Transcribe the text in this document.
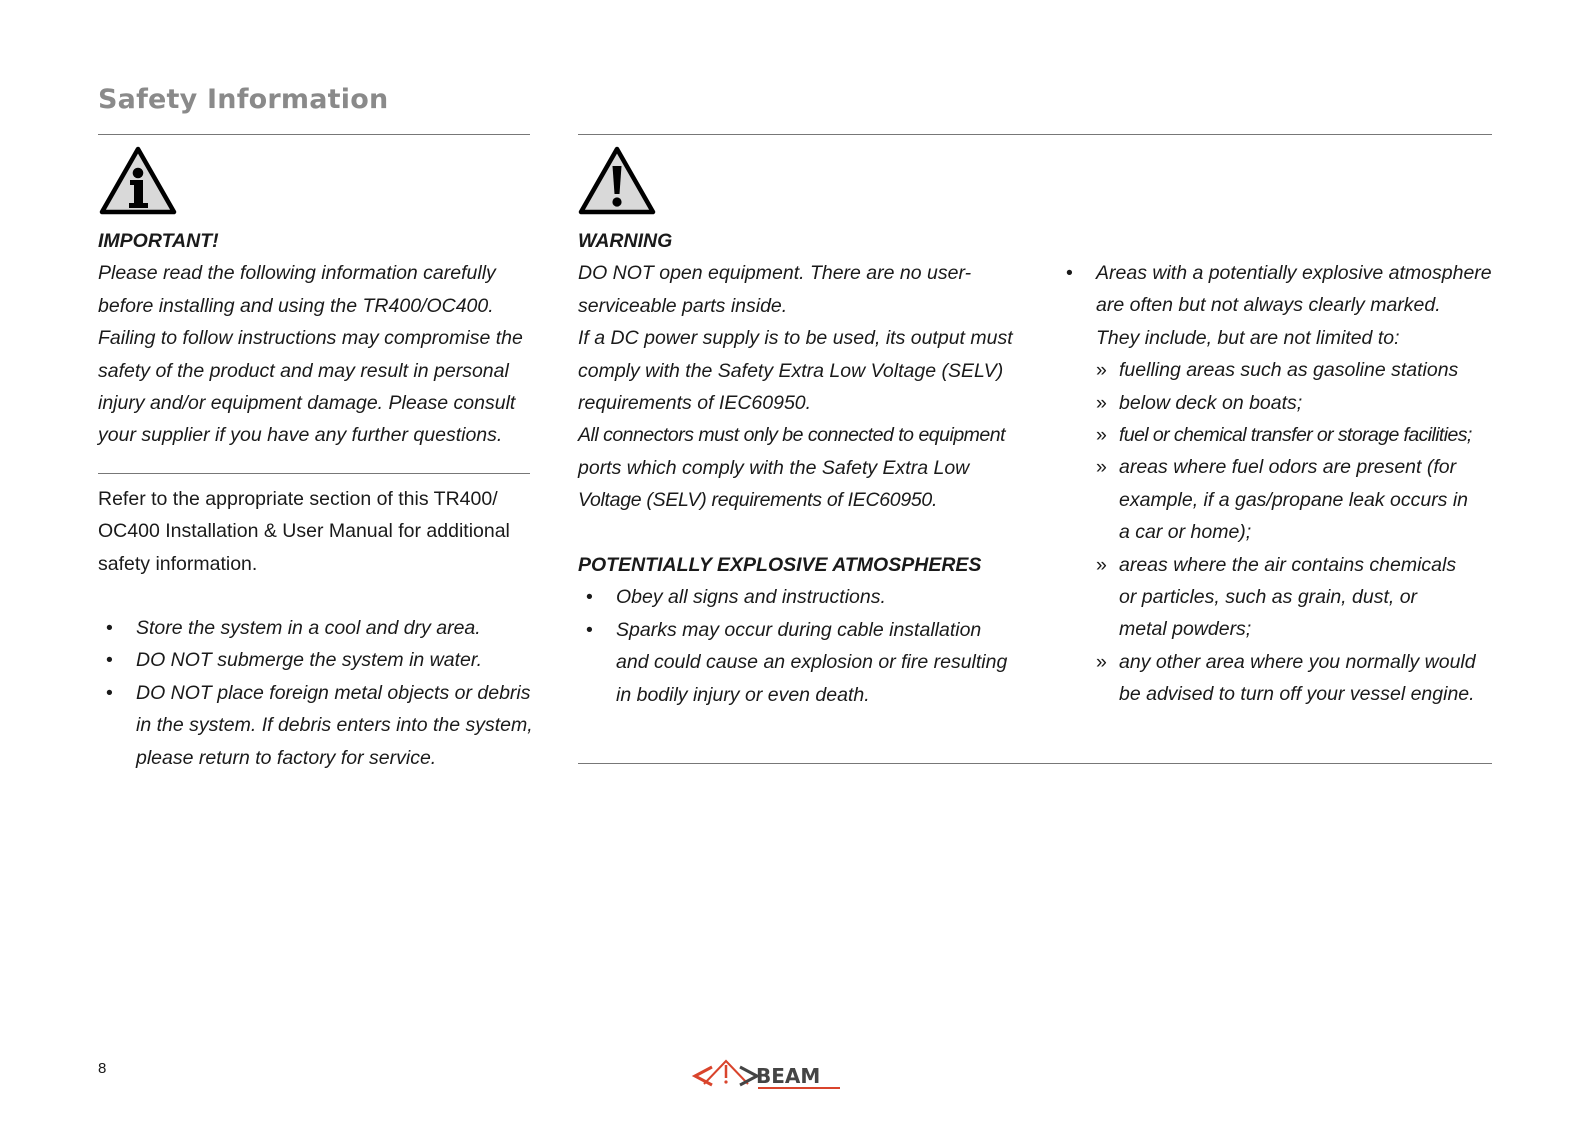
Safety Information

IMPORTANT!

Please read the following information carefully

before installing and using the TR400/OC400.

Failing to follow instructions may compromise the

safety of the product and may result in personal

injury and/or equipment damage. Please consult

your supplier if you have any further questions.

Refer to the appropriate section of this TR400/

OC400 Installation & User Manual for additional

safety information.

• Store the system in a cool and dry area.

• DO NOT submerge the system in water.

• DO NOT place foreign metal objects or debris

in the system. If debris enters into the system,

please return to factory for service.

WARNING

DO NOT open equipment. There are no user-

serviceable parts inside.

If a DC power supply is to be used, its output must

comply with the Safety Extra Low Voltage (SELV)

requirements of IEC60950.

All connectors must only be connected to equipment

ports which comply with the Safety Extra Low

Voltage (SELV) requirements of IEC60950.

POTENTIALLY EXPLOSIVE ATMOSPHERES

• Obey all signs and instructions.

• Sparks may occur during cable installation

and could cause an explosion or fire resulting

in bodily injury or even death.

• Areas with a potentially explosive atmosphere

are often but not always clearly marked.

They include, but are not limited to:

» fuelling areas such as gasoline stations

» below deck on boats;

» fuel or chemical transfer or storage facilities;

» areas where fuel odors are present (for

example, if a gas/propane leak occurs in

a car or home);

» areas where the air contains chemicals

or particles, such as grain, dust, or

metal powders;

» any other area where you normally would

be advised to turn off your vessel engine.

8	BEAM
